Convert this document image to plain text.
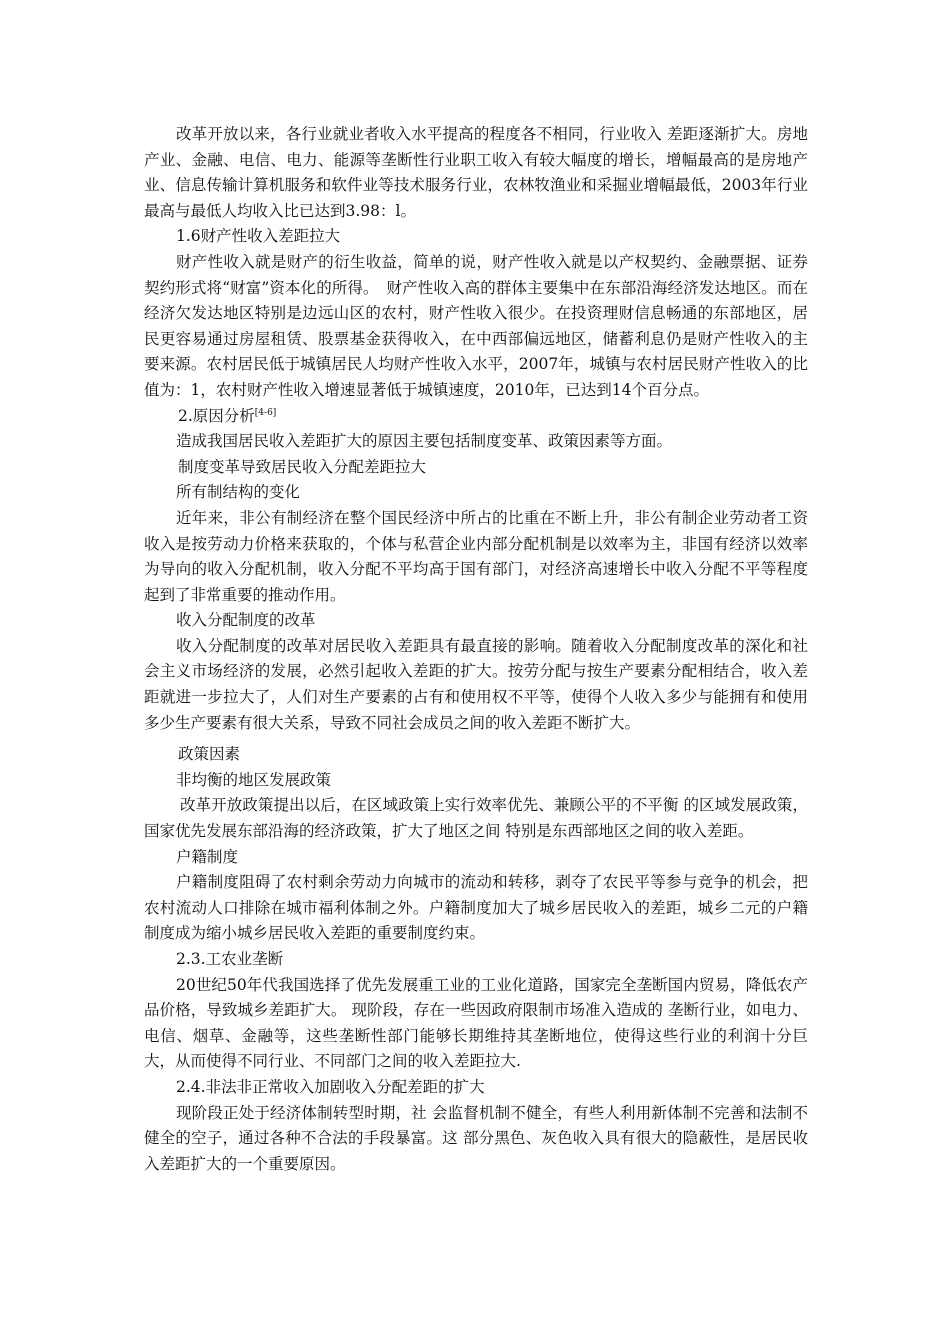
改革开放以来，各行业就业者收入水平提高的程度各不相同，行业收入 差距逐渐扩大。房地产业、金融、电信、电力、能源等垄断性行业职工收入有较大幅度的增长，增幅最高的是房地产业、信息传输计算机服务和软件业等技术服务行业，农林牧渔业和采掘业增幅最低，2003年行业最高与最低人均收入比已达到3.98：l。

1.6财产性收入差距拉大

财产性收入就是财产的衍生收益，简单的说，财产性收入就是以产权契约、金融票据、证券契约形式将“财富”资本化的所得。　财产性收入高的群体主要集中在东部沿海经济发达地区。而在经济欠发达地区特别是边远山区的农村，财产性收入很少。在投资理财信息畅通的东部地区，居民更容易通过房屋租赁、股票基金获得收入，在中西部偏远地区，储蓄利息仍是财产性收入的主要来源。农村居民低于城镇居民人均财产性收入水平，2007年，城镇与农村居民财产性收入的比值为：1，农村财产性收入增速显著低于城镇速度，2010年，已达到14个百分点。

2.原因分析[4-6]

造成我国居民收入差距扩大的原因主要包括制度变革、政策因素等方面。

制度变革导致居民收入分配差距拉大

所有制结构的变化

近年来，非公有制经济在整个国民经济中所占的比重在不断上升，非公有制企业劳动者工资收入是按劳动力价格来获取的，个体与私营企业内部分配机制是以效率为主，非国有经济以效率为导向的收入分配机制，收入分配不平均高于国有部门，对经济高速增长中收入分配不平等程度起到了非常重要的推动作用。

收入分配制度的改革

收入分配制度的改革对居民收入差距具有最直接的影响。随着收入分配制度改革的深化和社会主义市场经济的发展，必然引起收入差距的扩大。按劳分配与按生产要素分配相结合，收入差距就进一步拉大了，人们对生产要素的占有和使用权不平等，使得个人收入多少与能拥有和使用多少生产要素有很大关系，导致不同社会成员之间的收入差距不断扩大。

政策因素

非均衡的地区发展政策

改革开放政策提出以后，在区域政策上实行效率优先、兼顾公平的不平衡 的区域发展政策，国家优先发展东部沿海的经济政策，扩大了地区之间 特别是东西部地区之间的收入差距。

户籍制度

户籍制度阻碍了农村剩余劳动力向城市的流动和转移，剥夺了农民平等参与竞争的机会，把农村流动人口排除在城市福利体制之外。户籍制度加大了城乡居民收入的差距，城乡二元的户籍制度成为缩小城乡居民收入差距的重要制度约束。

2.3.工农业垄断

20世纪50年代我国选择了优先发展重工业的工业化道路，国家完全垄断国内贸易，降低农产品价格，导致城乡差距扩大。 现阶段，存在一些因政府限制市场准入造成的 垄断行业，如电力、电信、烟草、金融等，这些垄断性部门能够长期维持其垄断地位，使得这些行业的利润十分巨大，从而使得不同行业、不同部门之间的收入差距拉大.

2.4.非法非正常收入加剧收入分配差距的扩大

现阶段正处于经济体制转型时期，社 会监督机制不健全，有些人利用新体制不完善和法制不 健全的空子，通过各种不合法的手段暴富。这 部分黑色、灰色收入具有很大的隐蔽性，是居民收入差距扩大的一个重要原因。
